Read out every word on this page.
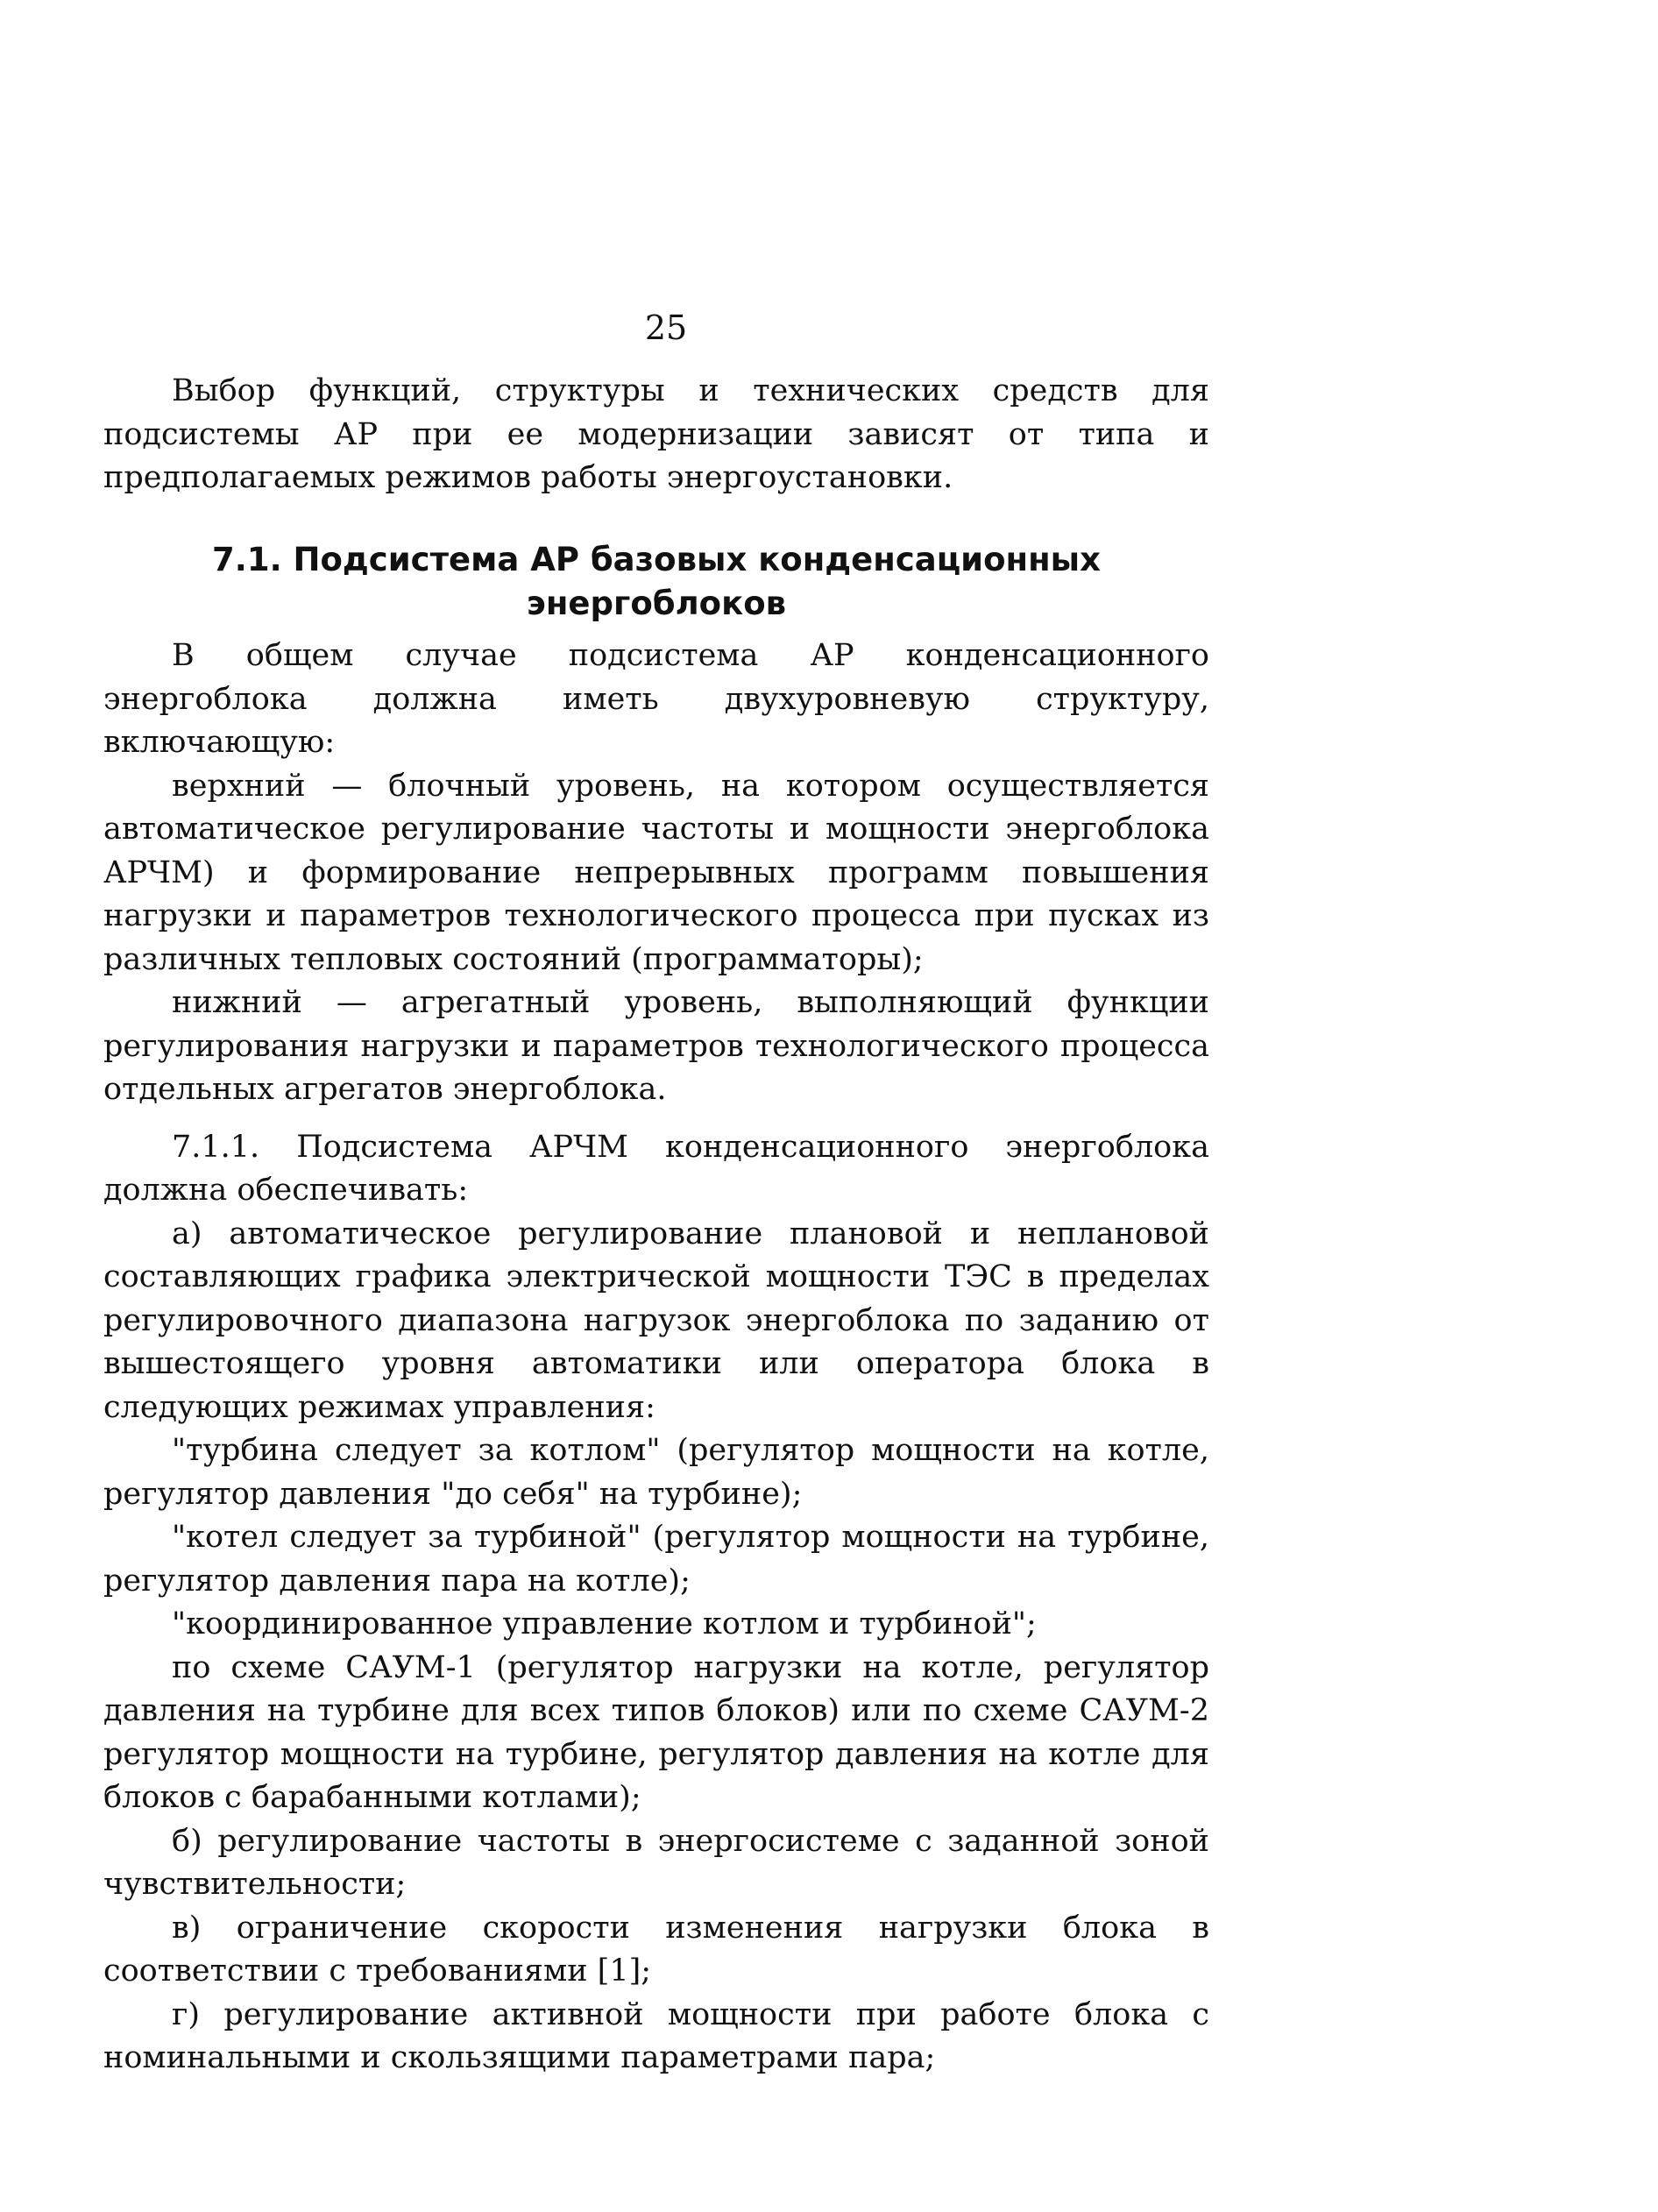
25

Выбор функций, структуры и технических средств для подсистемы АР при ее модернизации зависят от типа и предполагаемых режимов работы энергоустановки.

7.1. Подсистема АР базовых конденсационных

энергоблоков

В общем случае подсистема АР конденсационного энергоблока должна иметь двухуровневую структуру, включающую:

верхний — блочный уровень, на котором осуществляется автоматическое регулирование частоты и мощности энергоблока АРЧМ) и формирование непрерывных программ повышения нагрузки и параметров технологического процесса при пусках из различных тепловых состояний (программаторы);

нижний — агрегатный уровень, выполняющий функции регулирования нагрузки и параметров технологического процесса отдельных агрегатов энергоблока.

7.1.1. Подсистема АРЧМ конденсационного энергоблока должна обеспечивать:

а) автоматическое регулирование плановой и неплановой составляющих графика электрической мощности ТЭС в пределах регулировочного диапазона нагрузок энергоблока по заданию от вышестоящего уровня автоматики или оператора блока в следующих режимах управления:

"турбина следует за котлом" (регулятор мощности на котле, регулятор давления "до себя" на турбине);

"котел следует за турбиной" (регулятор мощности на турбине, регулятор давления пара на котле);

"координированное управление котлом и турбиной";

по схеме САУМ-1 (регулятор нагрузки на котле, регулятор давления на турбине для всех типов блоков) или по схеме САУМ-2 регулятор мощности на турбине, регулятор давления на котле для блоков с барабанными котлами);

б) регулирование частоты в энергосистеме с заданной зоной чувствительности;

в) ограничение скорости изменения нагрузки блока в соответствии с требованиями [1];

г) регулирование активной мощности при работе блока с номинальными и скользящими параметрами пара;
